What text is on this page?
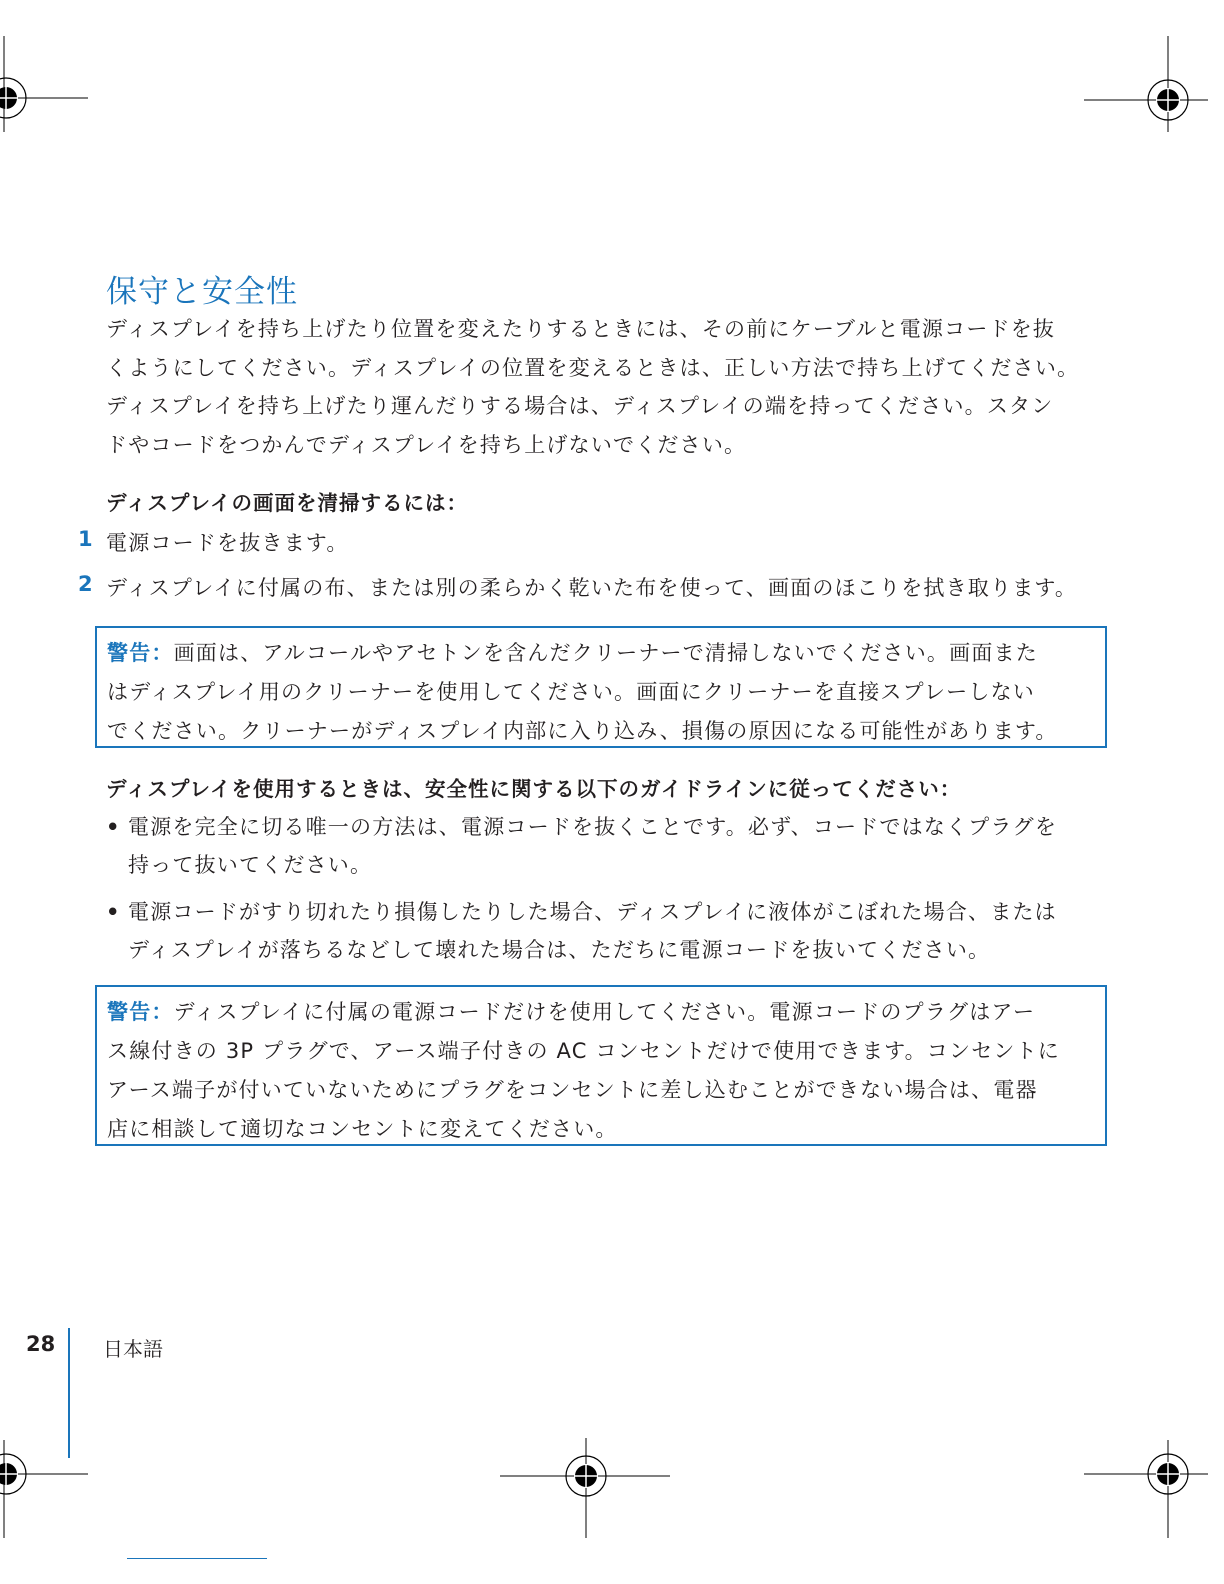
保守と安全性
ディスプレイを持ち上げたり位置を変えたりするときには、その前にケーブルと電源コードを抜
くようにしてください。ディスプレイの位置を変えるときは、正しい方法で持ち上げてください。
ディスプレイを持ち上げたり運んだりする場合は、ディスプレイの端を持ってください。スタン
ドやコードをつかんでディスプレイを持ち上げないでください。
ディスプレイの画面を清掃するには：
1 電源コードを抜きます。
2 ディスプレイに付属の布、または別の柔らかく乾いた布を使って、画面のほこりを拭き取ります。
警告：画面は、アルコールやアセトンを含んだクリーナーで清掃しないでください。画面また
はディスプレイ用のクリーナーを使用してください。画面にクリーナーを直接スプレーしない
でください。クリーナーがディスプレイ内部に入り込み、損傷の原因になる可能性があります。
ディスプレイを使用するときは、安全性に関する以下のガイドラインに従ってください：
• 電源を完全に切る唯一の方法は、電源コードを抜くことです。必ず、コードではなくプラグを
持って抜いてください。
• 電源コードがすり切れたり損傷したりした場合、ディスプレイに液体がこぼれた場合、または
ディスプレイが落ちるなどして壊れた場合は、ただちに電源コードを抜いてください。
警告：ディスプレイに付属の電源コードだけを使用してください。電源コードのプラグはアー
ス線付きの 3P プラグで、アース端子付きの AC コンセントだけで使用できます。コンセントに
アース端子が付いていないためにプラグをコンセントに差し込むことができない場合は、電器
店に相談して適切なコンセントに変えてください。
28 日本語
